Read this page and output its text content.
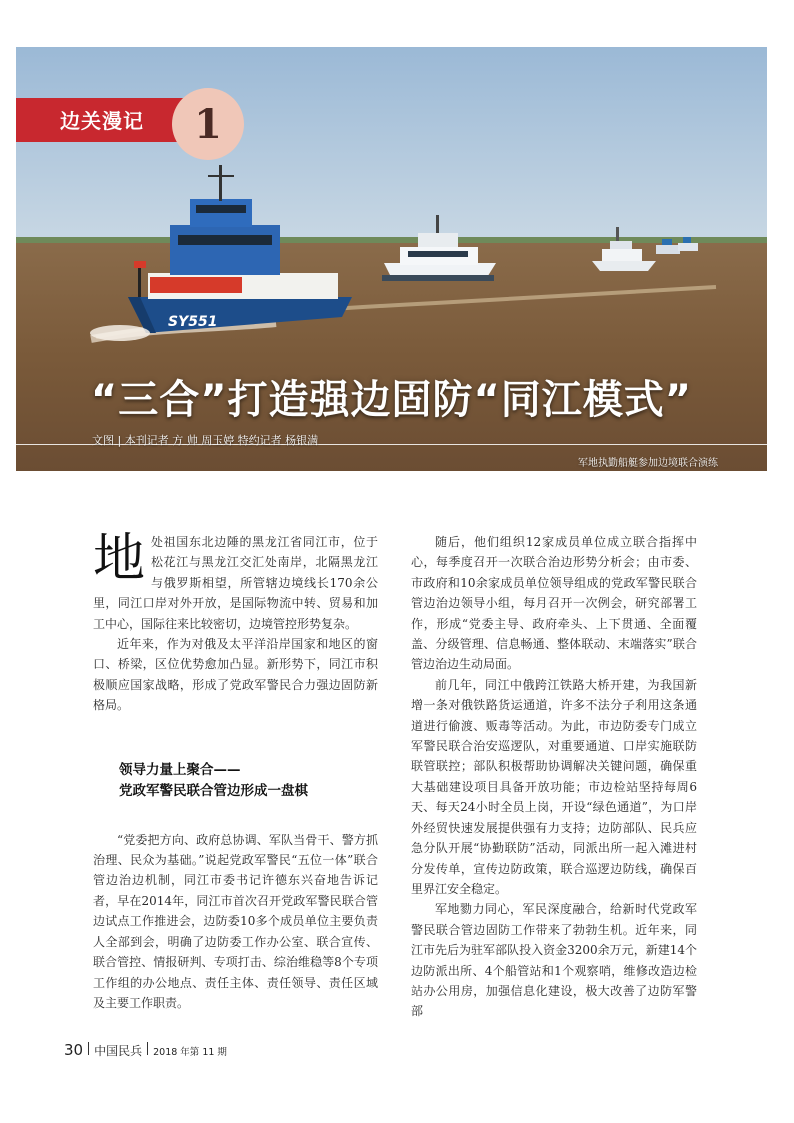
SY551
边关漫记 1
“三合”打造强边固防“同江模式”
文图 | 本刊记者 方 帅 周玉婷 特约记者 杨银满
军地执勤船艇参加边境联合演练

地处祖国东北边陲的黑龙江省同江市，位于松花江与黑龙江交汇处南岸，北隔黑龙江与俄罗斯相望，所管辖边境线长170余公里，同江口岸对外开放，是国际物流中转、贸易和加工中心，国际往来比较密切，边境管控形势复杂。

近年来，作为对俄及太平洋沿岸国家和地区的窗口、桥梁，区位优势愈加凸显。新形势下，同江市积极顺应国家战略，形成了党政军警民合力强边固防新格局。

领导力量上聚合——
党政军警民联合管边形成一盘棋

“党委把方向、政府总协调、军队当骨干、警方抓治理、民众为基础。”说起党政军警民“五位一体”联合管边治边机制，同江市委书记许德东兴奋地告诉记者，早在2014年，同江市首次召开党政军警民联合管边试点工作推进会，边防委10多个成员单位主要负责人全部到会，明确了边防委工作办公室、联合宣传、联合管控、情报研判、专项打击、综治维稳等8个专项工作组的办公地点、责任主体、责任领导、责任区域及主要工作职责。

随后，他们组织12家成员单位成立联合指挥中心，每季度召开一次联合治边形势分析会；由市委、市政府和10余家成员单位领导组成的党政军警民联合管边治边领导小组，每月召开一次例会，研究部署工作，形成“党委主导、政府牵头、上下贯通、全面覆盖、分级管理、信息畅通、整体联动、末端落实”联合管边治边生动局面。

前几年，同江中俄跨江铁路大桥开建，为我国新增一条对俄铁路货运通道，许多不法分子利用这条通道进行偷渡、贩毒等活动。为此，市边防委专门成立军警民联合治安巡逻队，对重要通道、口岸实施联防联管联控；部队积极帮助协调解决关键问题，确保重大基础建设项目具备开放功能；市边检站坚持每周6天、每天24小时全员上岗，开设“绿色通道”，为口岸外经贸快速发展提供强有力支持；边防部队、民兵应急分队开展“协勤联防”活动，同派出所一起入滩进村分发传单，宣传边防政策，联合巡逻边防线，确保百里界江安全稳定。

军地勠力同心，军民深度融合，给新时代党政军警民联合管边固防工作带来了勃勃生机。近年来，同江市先后为驻军部队投入资金3200余万元，新建14个边防派出所、4个船管站和1个观察哨，维修改造边检站办公用房，加强信息化建设，极大改善了边防军警部

30 中国民兵 2018 年第 11 期
